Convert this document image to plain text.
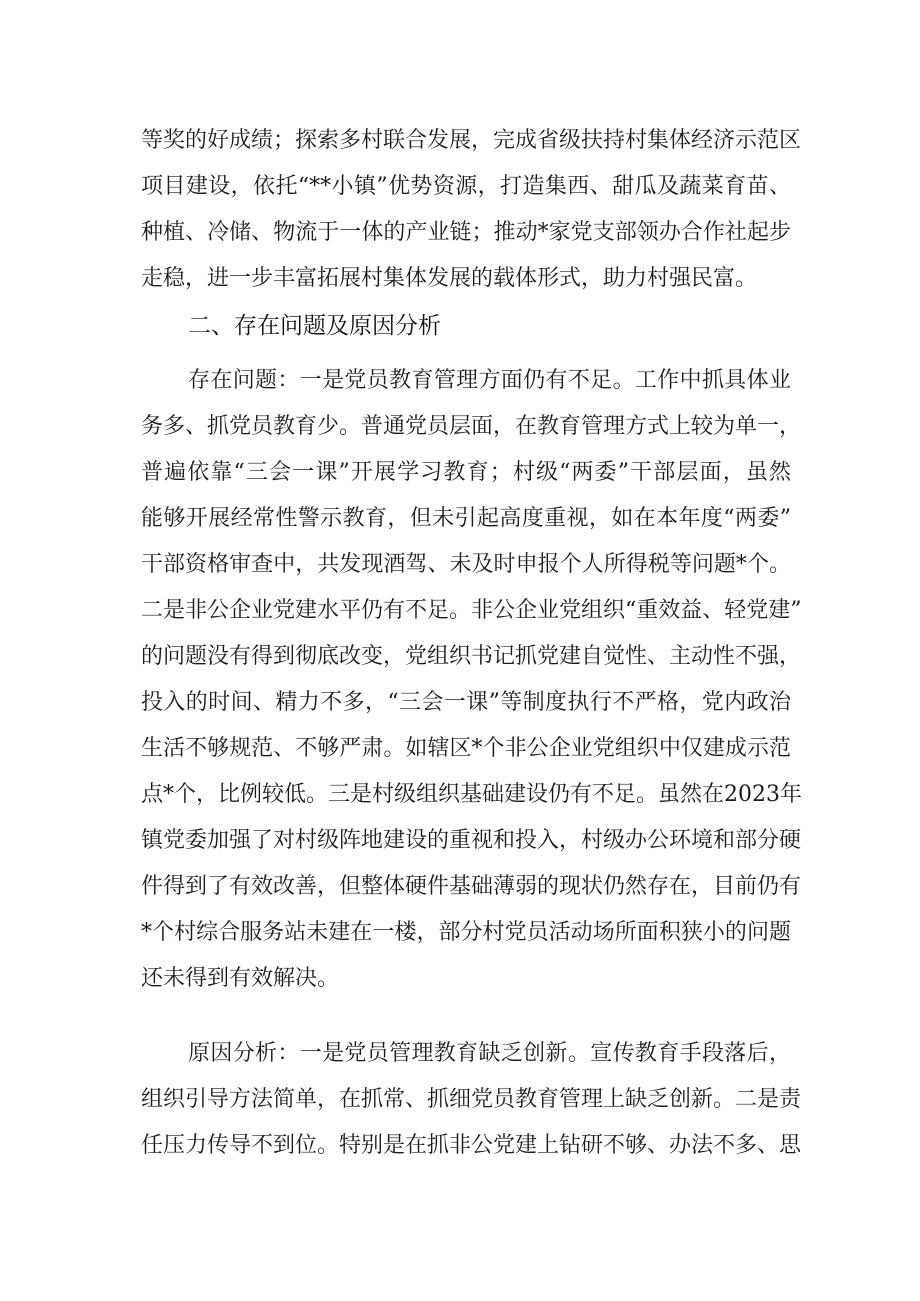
等奖的好成绩；探索多村联合发展，完成省级扶持村集体经济示范区
项目建设，依托“**小镇”优势资源，打造集西、甜瓜及蔬菜育苗、
种植、冷储、物流于一体的产业链；推动*家党支部领办合作社起步
走稳，进一步丰富拓展村集体发展的载体形式，助力村强民富。
二、存在问题及原因分析
存在问题：一是党员教育管理方面仍有不足。工作中抓具体业
务多、抓党员教育少。普通党员层面，在教育管理方式上较为单一，
普遍依靠“三会一课”开展学习教育；村级“两委”干部层面，虽然
能够开展经常性警示教育，但未引起高度重视，如在本年度“两委”
干部资格审查中，共发现酒驾、未及时申报个人所得税等问题*个。
二是非公企业党建水平仍有不足。非公企业党组织“重效益、轻党建”
的问题没有得到彻底改变，党组织书记抓党建自觉性、主动性不强，
投入的时间、精力不多，“三会一课”等制度执行不严格，党内政治
生活不够规范、不够严肃。如辖区*个非公企业党组织中仅建成示范
点*个，比例较低。三是村级组织基础建设仍有不足。虽然在2023年
镇党委加强了对村级阵地建设的重视和投入，村级办公环境和部分硬
件得到了有效改善，但整体硬件基础薄弱的现状仍然存在，目前仍有
*个村综合服务站未建在一楼，部分村党员活动场所面积狭小的问题
还未得到有效解决。
原因分析：一是党员管理教育缺乏创新。宣传教育手段落后，
组织引导方法简单，在抓常、抓细党员教育管理上缺乏创新。二是责
任压力传导不到位。特别是在抓非公党建上钻研不够、办法不多、思
